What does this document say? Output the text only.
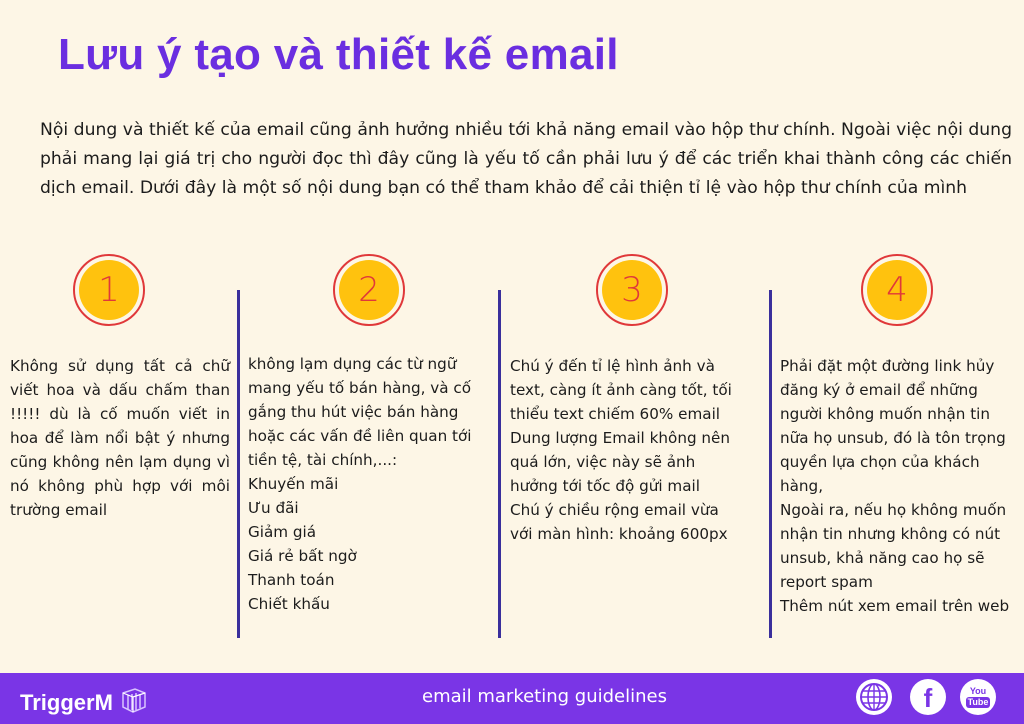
Lưu ý tạo và thiết kế email

Nội dung và thiết kế của email cũng ảnh hưởng nhiều tới khả năng email vào hộp thư chính. Ngoài việc nội dung phải mang lại giá trị cho người đọc thì đây cũng là yếu tố cần phải lưu ý để các triển khai thành công các chiến dịch email. Dưới đây là một số nội dung bạn có thể tham khảo để cải thiện tỉ lệ vào hộp thư chính của mình

1	2	3	4

Không sử dụng tất cả chữ viết hoa và dấu chấm than !!!!! dù là cố muốn viết in hoa để làm nổi bật ý nhưng cũng không nên lạm dụng vì nó không phù hợp với môi trường email

không lạm dụng các từ ngữ mang yếu tố bán hàng, và cố gắng thu hút việc bán hàng hoặc các vấn đề liên quan tới tiền tệ, tài chính,...:

Khuyến mãi

Ưu đãi

Giảm giá

Giá rẻ bất ngờ

Thanh toán

Chiết khấu

Chú ý đến tỉ lệ hình ảnh và text, càng ít ảnh càng tốt, tối thiểu text chiếm 60% email

Dung lượng Email không nên quá lớn, việc này sẽ ảnh hưởng tới tốc độ gửi mail

Chú ý chiều rộng email vừa với màn hình: khoảng 600px

Phải đặt một đường link hủy đăng ký ở email để những người không muốn nhận tin nữa họ unsub, đó là tôn trọng quyền lựa chọn của khách hàng,

Ngoài ra, nếu họ không muốn nhận tin nhưng không có nút unsub, khả năng cao họ sẽ report spam

Thêm nút xem email trên web

TriggerM	email marketing guidelines	f	You
Tube
